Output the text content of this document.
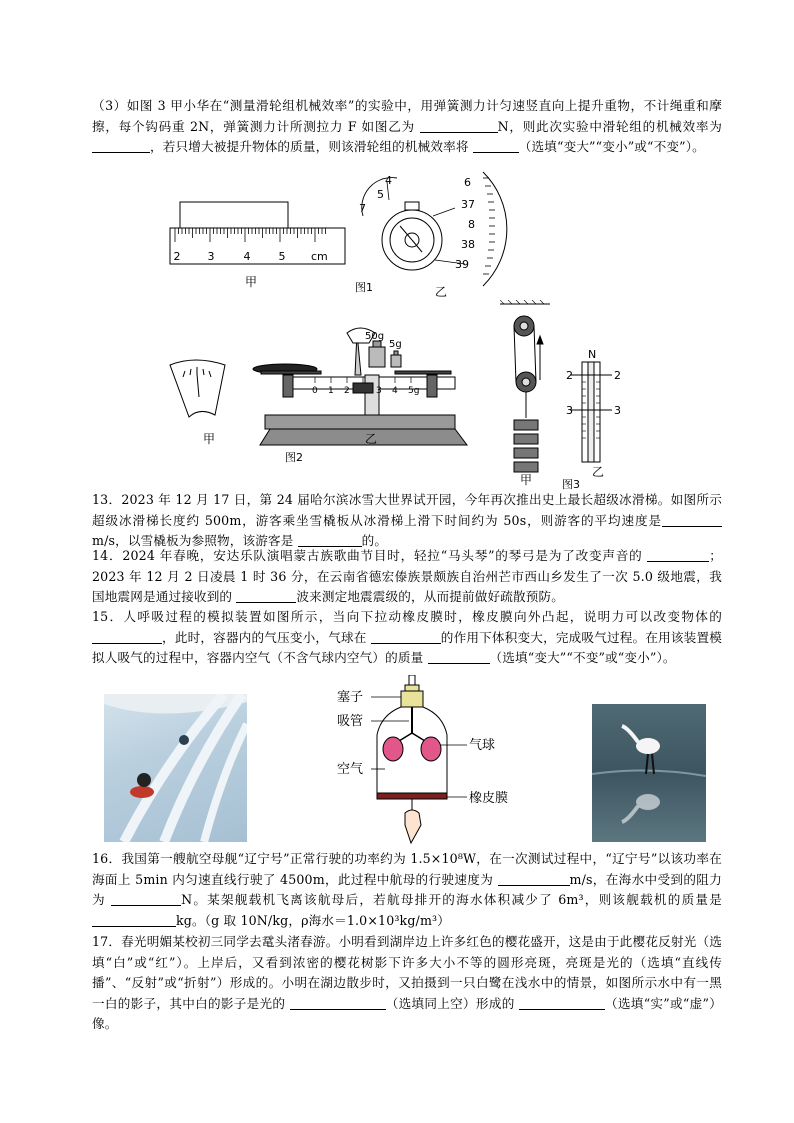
（3）如图 3 甲小华在“测量滑轮组机械效率”的实验中，用弹簧测力计匀速竖直向上提升重物，不计绳重和摩擦，每个钩码重 2N，弹簧测力计所测拉力 F 如图乙为	N，则此次实验中滑轮组的机械效率为 ，若只增大被提升物体的质量，则该滑轮组的机械效率将	（选填“变大”“变小”或“不变”）。
2 3	4	5 cm
甲
4
5
6
7	37
8
38
39
图1	乙
甲
50g
5g
0 1 2	3 4 5g
乙
图2
N
2	2
3	3
甲	图3
乙
13．2023 年 12 月 17 日，第 24 届哈尔滨冰雪大世界试开园，今年再次推出史上最长超级冰滑梯。如图所示超级冰滑梯长度约 500m，游客乘坐雪橇板从冰滑梯上滑下时间约为 50s，则游客的平均速度是m/s，以雪橇板为参照物，该游客是	的。
14．2024 年春晚，安达乐队演唱蒙古族歌曲节目时，轻拉“马头琴”的琴弓是为了改变声音的	；2023 年 12 月 2 日凌晨 1 时 36 分，在云南省德宏傣族景颇族自治州芒市西山乡发生了一次 5.0 级地震，我国地震网是通过接收到的	波来测定地震震级的，从而提前做好疏散预防。
15．人呼吸过程的模拟装置如图所示，当向下拉动橡皮膜时，橡皮膜向外凸起，说明力可以改变物体的，此时，容器内的气压变小，气球在	的作用下体积变大，完成吸气过程。在用该装置模拟人吸气的过程中，容器内空气（不含气球内空气）的质量	（选填“变大”“不变”或“变小”）。
塞子
吸管
气球
空气
橡皮膜
16．我国第一艘航空母舰“辽宁号”正常行驶的功率约为 1.5×10⁸W，在一次测试过程中，“辽宁号”以该功率在海面上 5min 内匀速直线行驶了 4500m，此过程中航母的行驶速度为	m/s，在海水中受到的阻力为	N。某架舰载机飞离该航母后，若航母排开的海水体积减少了 6m³，则该舰载机的质量是 kg。（g 取 10N/kg，ρ海水＝1.0×10³kg/m³）
17．春光明媚某校初三同学去鼋头渚春游。小明看到湖岸边上许多红色的樱花盛开，这是由于此樱花反射光（选填“白”或“红”）。上岸后，又看到浓密的樱花树影下许多大小不等的圆形亮斑，亮斑是光的（选填“直线传播”、“反射”或“折射”）形成的。小明在湖边散步时，又拍摄到一只白鹭在浅水中的情景，如图所示水中有一黑一白的影子，其中白的影子是光的	（选填同上空）形成的	（选填“实”或“虚”）像。
